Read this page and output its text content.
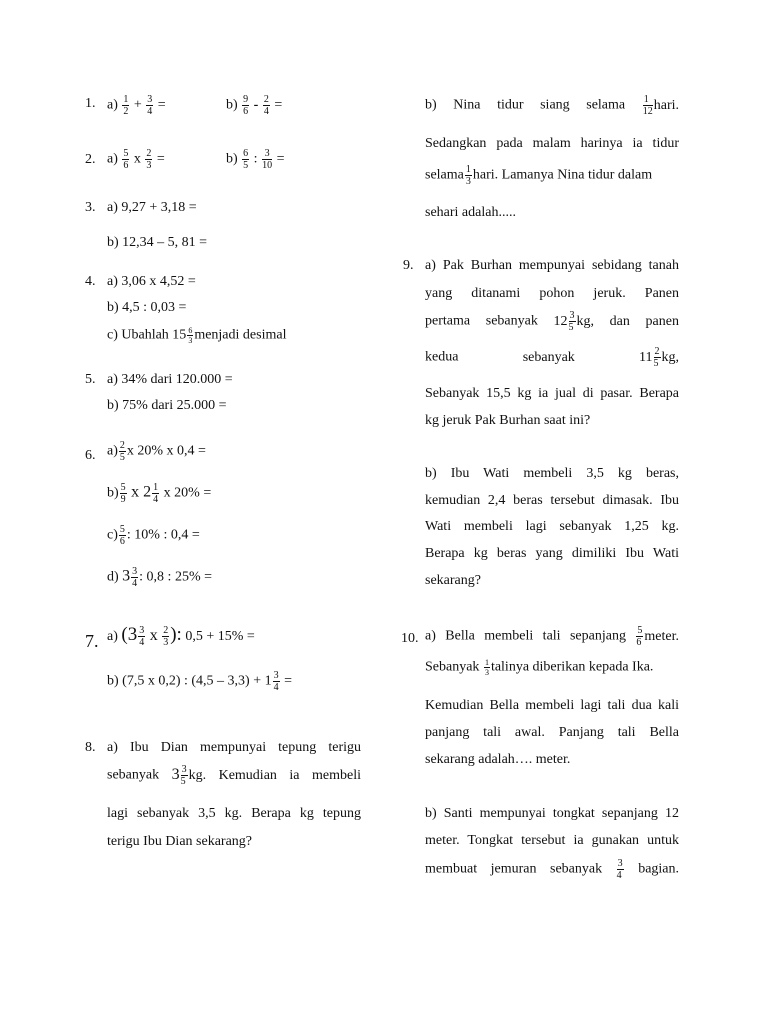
1. $a) \frac{1}{2} + \frac{3}{4}$ =	$b) \frac{9}{6} - \frac{2}{4}$ =
2. $a) \frac{5}{6}$ x $\frac{2}{3}$ =	$b) \frac{6}{5}$ : $\frac{3}{10}$ =
3. a) 9,27 + 3,18 =
b) 12,34 – 5, 81 =
4. a) 3,06 x 4,52 =
b) 4,5 : 0,03 =
c) Ubahlah $15 \frac{6}{3}$ menjadi desimal
5. a) 34% dari 120.000 =
b) 75% dari 25.000 =
6. $a) \frac{2}{5}$ x 20% x 0,4 =
$b) \frac{5}{9}$ x $2 \frac{1}{4}$ x 20% =
$c) \frac{5}{6}$ : 10% : 0,4 =
d) $3 \frac{3}{4}$ : 0,8 : 25% =
7. a) ($3 \frac{3}{4}$ x $\frac{2}{3}$ ): 0,5 + 15% =
b) (7,5 x 0,2) : $(4,5 - 3,3) + 1 \frac{3}{4}$ =
8. a) Ibu Dian mempunyai tepung terigu
sebanyak $3 \frac{3}{5}$ kg. Kemudian ia membeli
lagi sebanyak 3,5 kg. Berapa kg tepung
terigu Ibu Dian sekarang?
b) Nina tidur siang selama $\frac{1}{12}$ hari.
Sedangkan pada malam harinya ia tidur
selama $\frac{1}{3}$ hari. Lamanya Nina tidur dalam
sehari adalah.....
9. a) Pak Burhan mempunyai sebidang tanah
yang ditanami pohon jeruk. Panen
pertama sebanyak $12 \frac{3}{5}$ kg, dan panen
kedua	sebanyak $11 \frac{2}{5}$ kg,
Sebanyak 15,5 kg ia jual di pasar. Berapa
kg jeruk Pak Burhan saat ini?
b) Ibu Wati membeli 3,5 kg beras,
kemudian 2,4 beras tersebut dimasak. Ibu
Wati membeli lagi sebanyak 1,25 kg.
Berapa kg beras yang dimiliki Ibu Wati
sekarang?
10. a) Bella membeli tali sepanjang $\frac{5}{6}$ meter.
Sebanyak $\frac{1}{3}$ talinya diberikan kepada Ika.
Kemudian Bella membeli lagi tali dua kali
panjang tali awal. Panjang tali Bella
sekarang adalah…. meter.
b) Santi mempunyai tongkat sepanjang 12
meter. Tongkat tersebut ia gunakan untuk
membuat jemuran sebanyak $\frac{3}{4}$ bagian.
